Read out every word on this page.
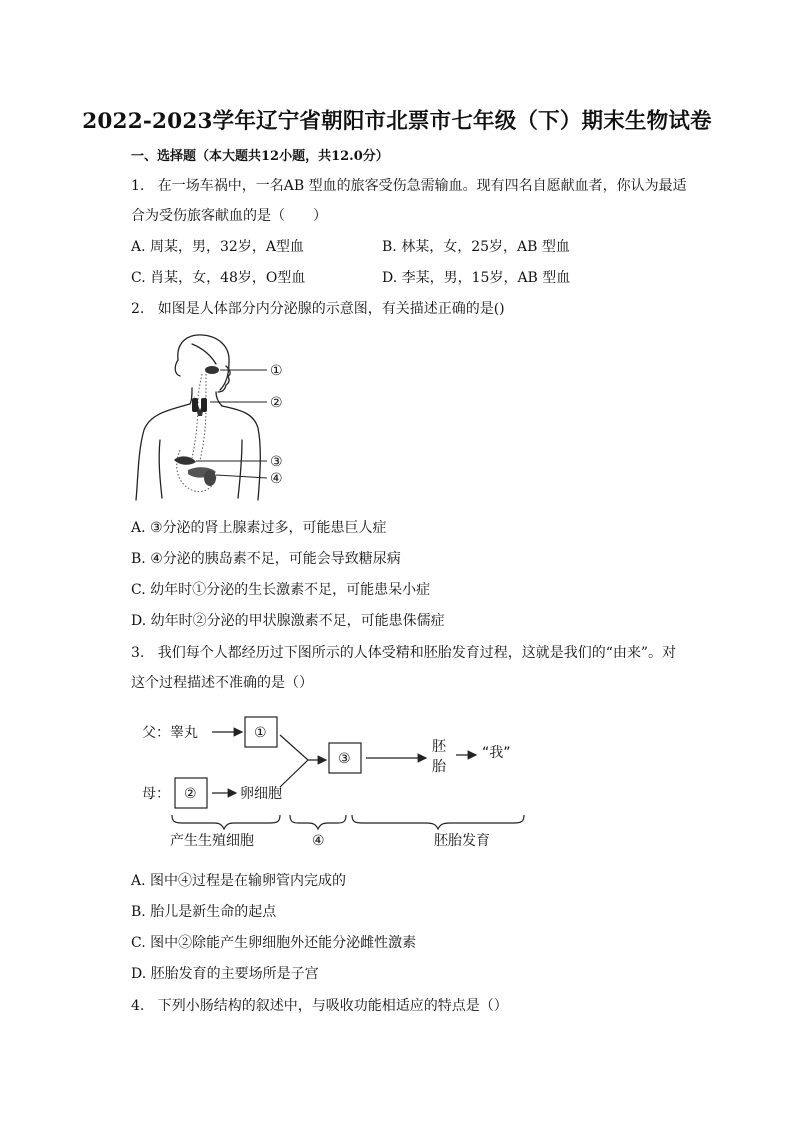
2022-2023学年辽宁省朝阳市北票市七年级（下）期末生物试卷
一、选择题（本大题共12小题，共12.0分）
1. 在一场车祸中，一名AB 型血的旅客受伤急需输血。现有四名自愿献血者，你认为最适
合为受伤旅客献血的是（　　）
A. 周某，男，32岁，A型血	B. 林某，女，25岁，AB 型血
C. 肖某，女，48岁，O型血	D. 李某，男，15岁，AB 型血
2. 如图是人体部分内分泌腺的示意图，有关描述正确的是()
①
②
③
④
A. ③分泌的肾上腺素过多，可能患巨人症
B. ④分泌的胰岛素不足，可能会导致糖尿病
C. 幼年时①分泌的生长激素不足，可能患呆小症
D. 幼年时②分泌的甲状腺激素不足，可能患侏儒症
3. 我们每个人都经历过下图所示的人体受精和胚胎发育过程，这就是我们的“由来”。对
这个过程描述不准确的是（）
父：睾丸
母：
①
②
③
卵细胞
胚
胎
“我”
产生生殖细胞	④	胚胎发育
A. 图中④过程是在输卵管内完成的
B. 胎儿是新生命的起点
C. 图中②除能产生卵细胞外还能分泌雌性激素
D. 胚胎发育的主要场所是子宫
4. 下列小肠结构的叙述中，与吸收功能相适应的特点是（）
